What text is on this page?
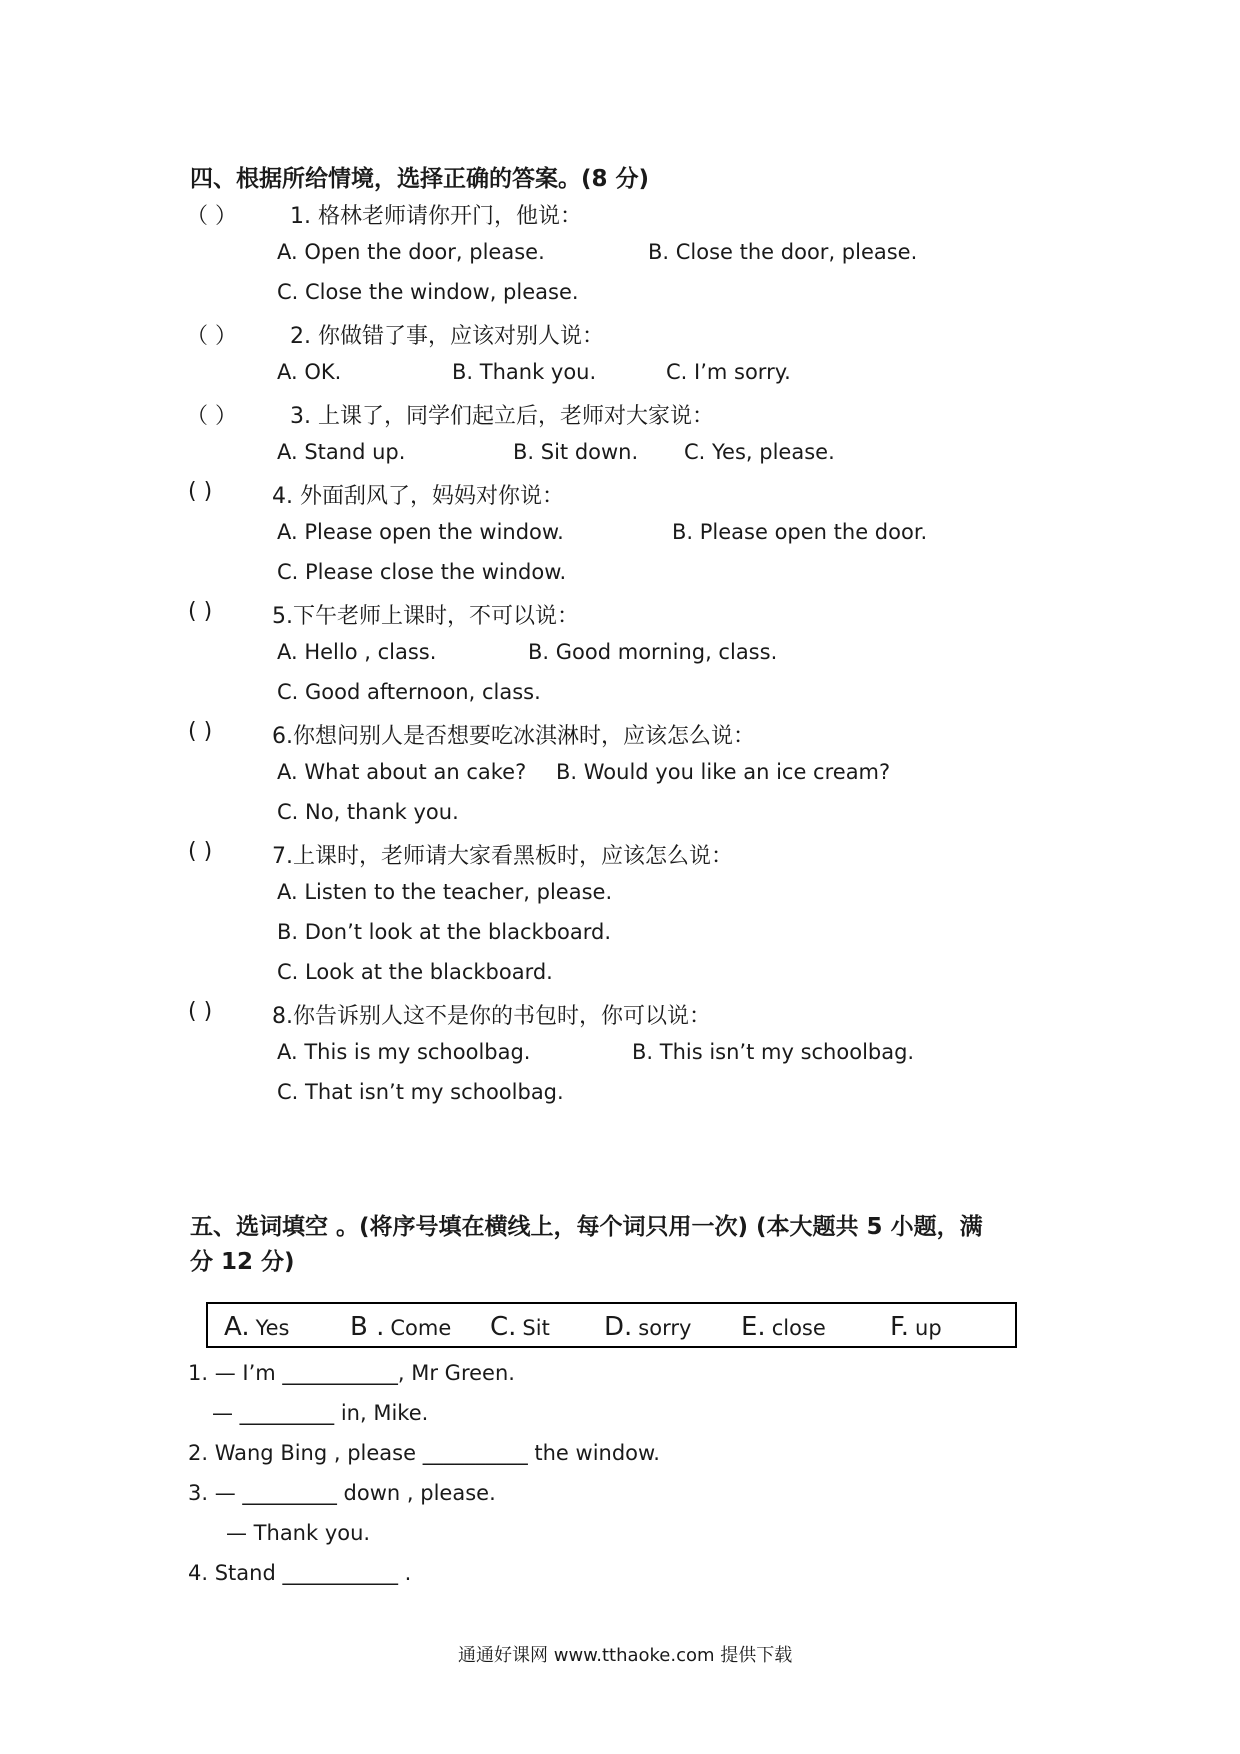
四、根据所给情境，选择正确的答案。(8 分)
（ ） 1. 格林老师请你开门，他说：
A. Open the door, please.	B. Close the door, please.
C. Close the window, please.
（ ） 2. 你做错了事，应该对别人说：
A. OK.	B. Thank you.	C. I’m sorry.
（ ） 3. 上课了，同学们起立后，老师对大家说：
A. Stand up.	B. Sit down. C. Yes, please.
( )	4. 外面刮风了，妈妈对你说：
A. Please open the window.	B. Please open the door.
C. Please close the window.
( )	5.下午老师上课时，不可以说：
A. Hello , class.	B. Good morning, class.
C. Good afternoon, class.
( )	6.你想问别人是否想要吃冰淇淋时，应该怎么说：
A. What about an cake? B. Would you like an ice cream?
C. No, thank you.
( )	7.上课时，老师请大家看黑板时，应该怎么说：
A. Listen to the teacher, please.
B. Don’t look at the blackboard.
C. Look at the blackboard.
( )	8.你告诉别人这不是你的书包时，你可以说：
A. This is my schoolbag.	B. This isn’t my schoolbag.
C. That isn’t my schoolbag.
五、选词填空 。(将序号填在横线上，每个词只用一次) (本大题共 5 小题，满
分 12 分)
A. Yes B . Come C. Sit D. sorry E. close F. up
1. — I’m ___________, Mr Green.
— _________ in, Mike.
2. Wang Bing , please __________ the window.
3. — _________ down , please.
— Thank you.
4. Stand ___________ .
通通好课网 www.tthaoke.com 提供下载
